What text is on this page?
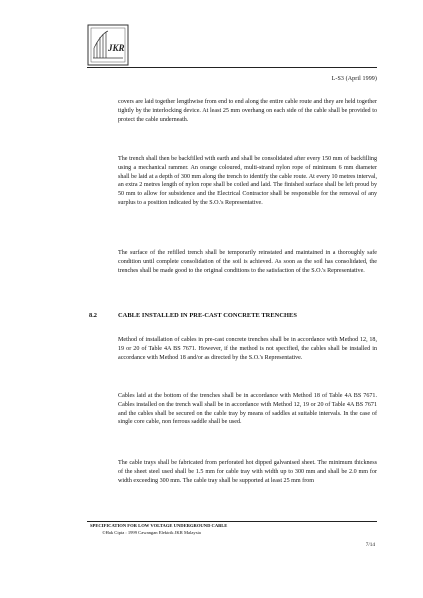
JKR
L-S3 (April 1999)

covers are laid together lengthwise from end to end along the entire cable route and they are held together tightly by the interlocking device. At least 25 mm overhang on each side of the cable shall be provided to protect the cable underneath.

The trench shall then be backfilled with earth and shall be consolidated after every 150 mm of backfilling using a mechanical rammer. An orange coloured, multi-strand nylon rope of minimum 6 mm diameter shall be laid at a depth of 300 mm along the trench to identify the cable route. At every 10 metres interval, an extra 2 metres length of nylon rope shall be coiled and laid. The finished surface shall be left proud by 50 mm to allow for subsidence and the Electrical Contractor shall be responsible for the removal of any surplus to a position indicated by the S.O.'s Representative.

The surface of the refilled trench shall be temporarily reinstated and maintained in a thoroughly safe condition until complete consolidation of the soil is achieved. As soon as the soil has consolidated, the trenches shall be made good to the original conditions to the satisfaction of the S.O.'s Representative.

8.2	CABLE INSTALLED IN PRE-CAST CONCRETE TRENCHES

Method of installation of cables in pre-cast concrete trenches shall be in accordance with Method 12, 18, 19 or 20 of Table 4A BS 7671. However, if the method is not specified, the cables shall be installed in accordance with Method 18 and/or as directed by the S.O.'s Representative.

Cables laid at the bottom of the trenches shall be in accordance with Method 18 of Table 4A BS 7671. Cables installed on the trench wall shall be in accordance with Method 12, 19 or 20 of Table 4A BS 7671 and the cables shall be secured on the cable tray by means of saddles at suitable intervals. In the case of single core cable, non ferrous saddle shall be used.

The cable trays shall be fabricated from perforated hot dipped galvanised sheet. The minimum thickness of the sheet steel used shall be 1.5 mm for cable tray with width up to 300 mm and shall be 2.0 mm for width exceeding 300 mm. The cable tray shall be supported at least 25 mm from

SPECIFICATION FOR LOW VOLTAGE UNDERGROUND CABLE
©Hak Cipta : 1999 Cawangan Elektrik JKR Malaysia
7/14
